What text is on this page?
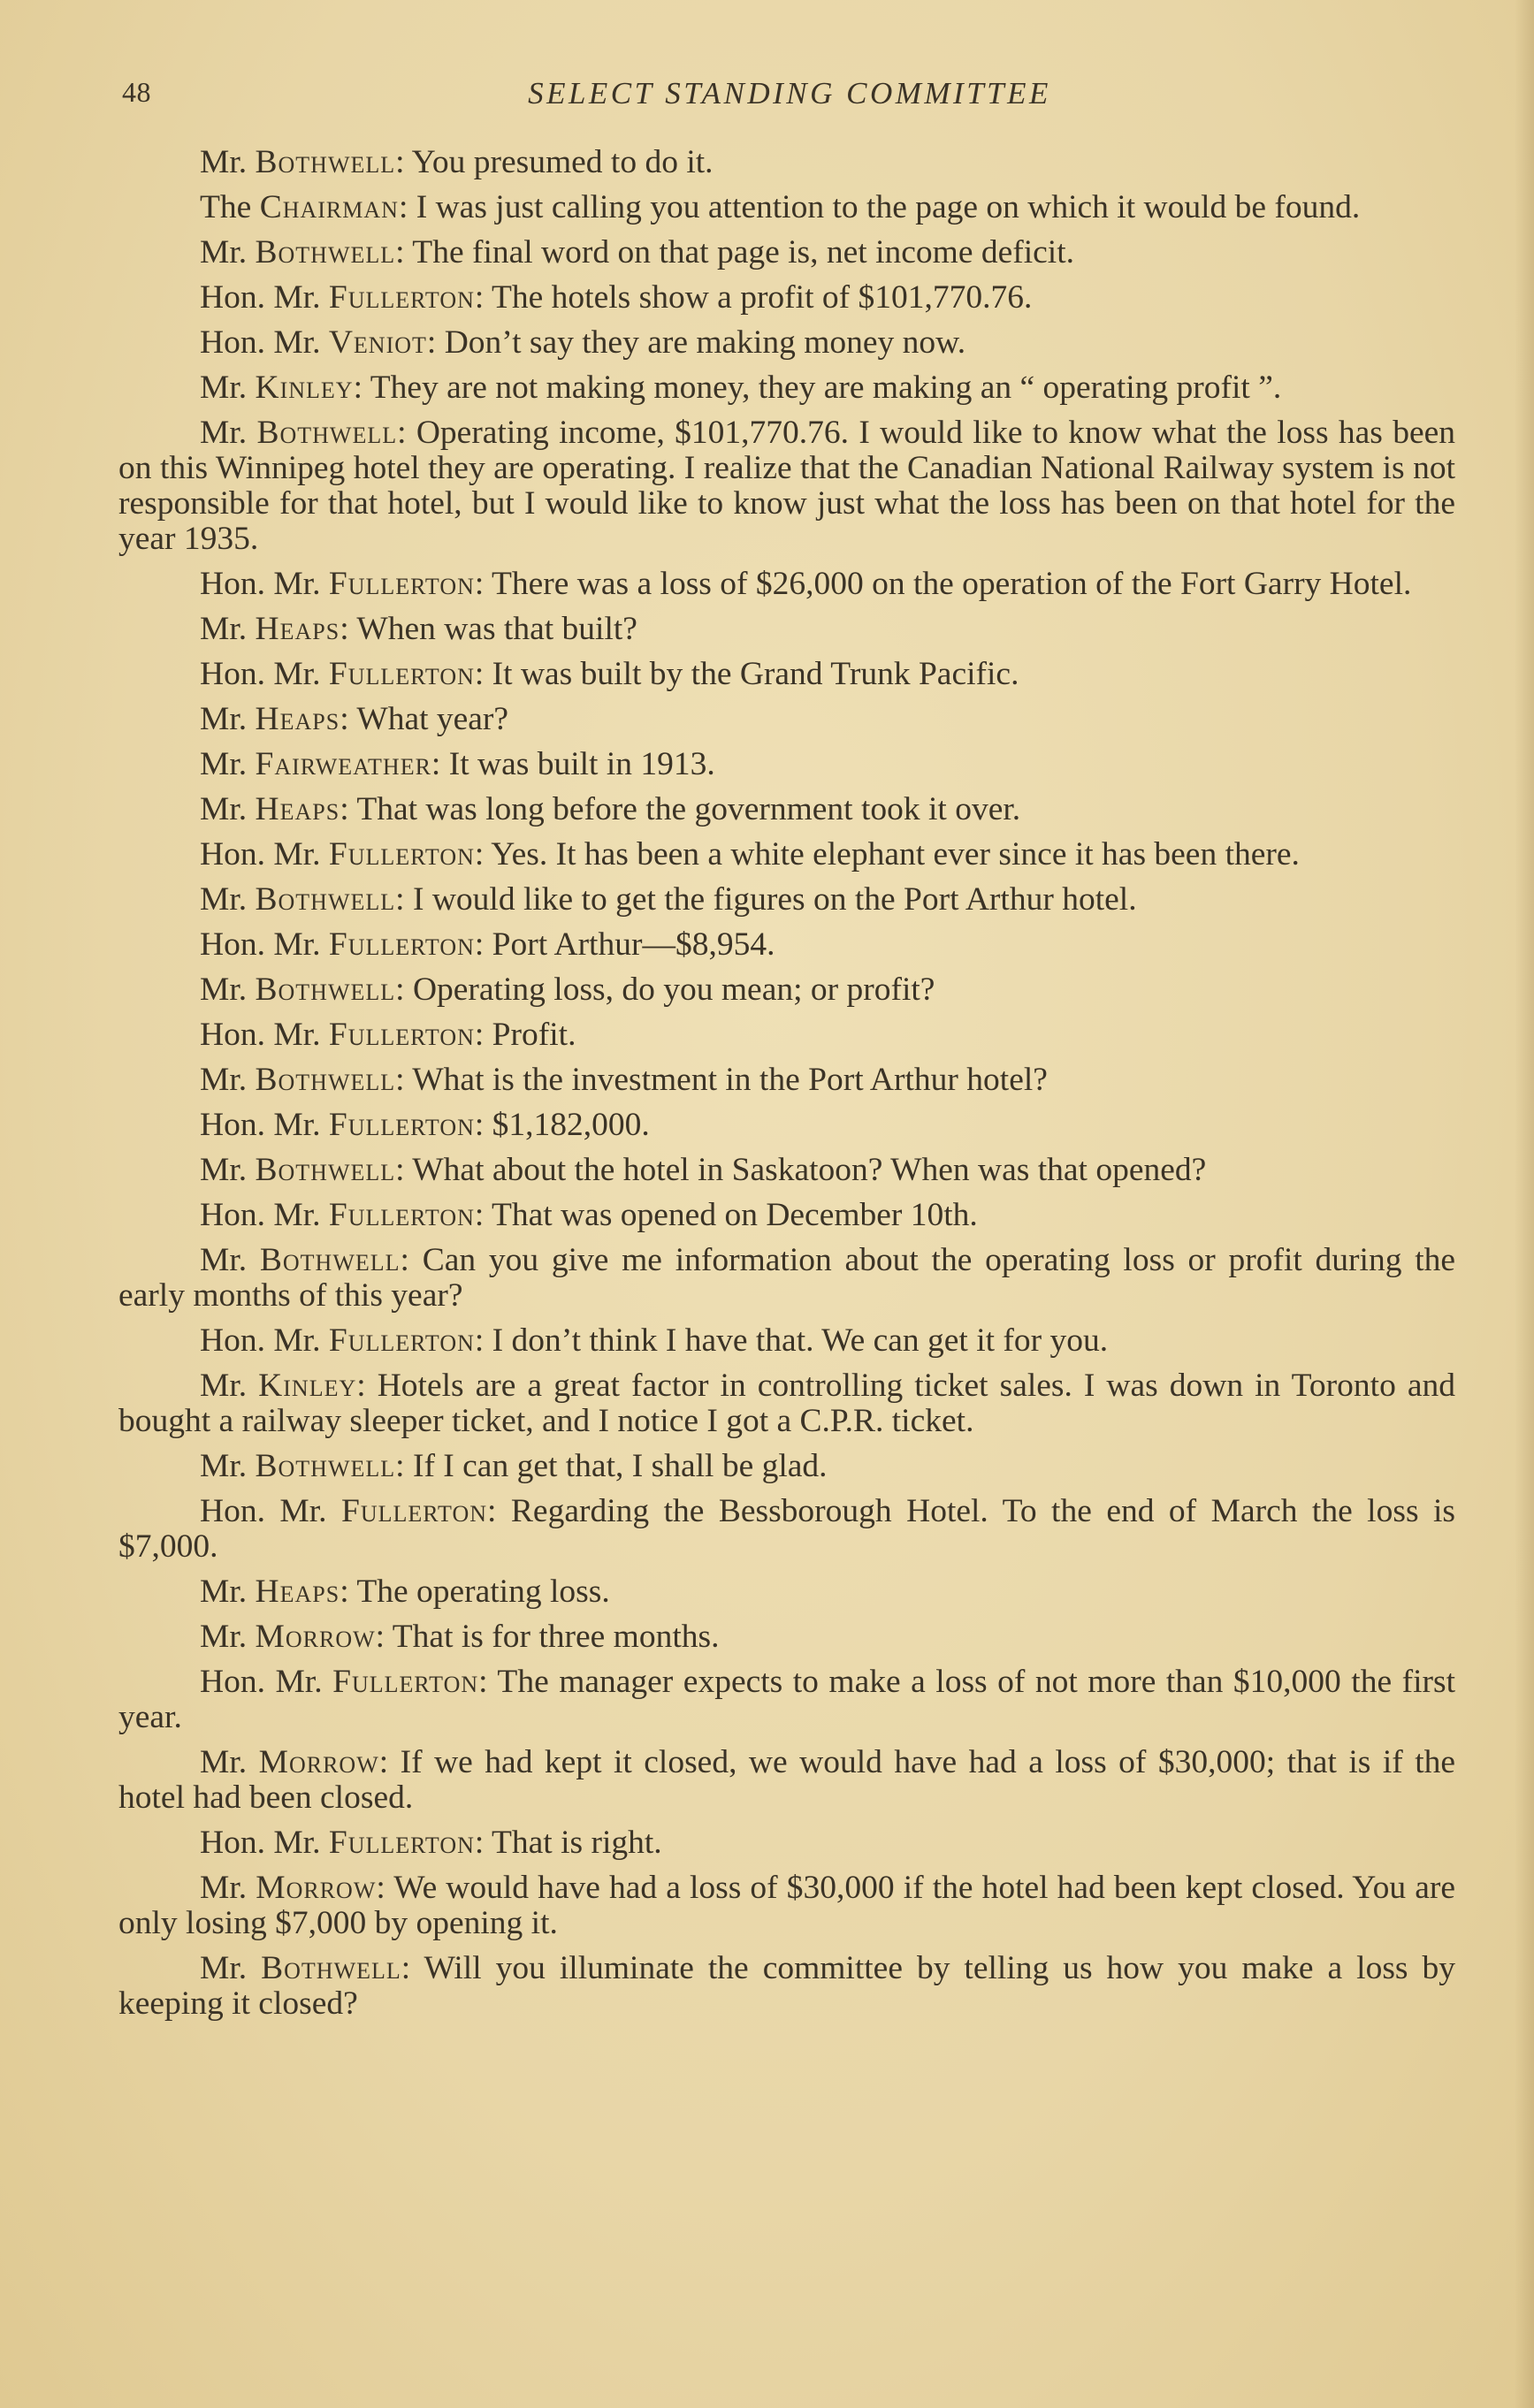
48	SELECT STANDING COMMITTEE

Mr. Bothwell: You presumed to do it.

The Chairman: I was just calling you attention to the page on which it would be found.

Mr. Bothwell: The final word on that page is, net income deficit.

Hon. Mr. Fullerton: The hotels show a profit of $101,770.76.

Hon. Mr. Veniot: Don’t say they are making money now.

Mr. Kinley: They are not making money, they are making an “ operating profit ”.

Mr. Bothwell: Operating income, $101,770.76. I would like to know what the loss has been on this Winnipeg hotel they are operating. I realize that the Canadian National Railway system is not responsible for that hotel, but I would like to know just what the loss has been on that hotel for the year 1935.

Hon. Mr. Fullerton: There was a loss of $26,000 on the operation of the Fort Garry Hotel.

Mr. Heaps: When was that built?

Hon. Mr. Fullerton: It was built by the Grand Trunk Pacific.

Mr. Heaps: What year?

Mr. Fairweather: It was built in 1913.

Mr. Heaps: That was long before the government took it over.

Hon. Mr. Fullerton: Yes. It has been a white elephant ever since it has been there.

Mr. Bothwell: I would like to get the figures on the Port Arthur hotel.

Hon. Mr. Fullerton: Port Arthur—$8,954.

Mr. Bothwell: Operating loss, do you mean; or profit?

Hon. Mr. Fullerton: Profit.

Mr. Bothwell: What is the investment in the Port Arthur hotel?

Hon. Mr. Fullerton: $1,182,000.

Mr. Bothwell: What about the hotel in Saskatoon? When was that opened?

Hon. Mr. Fullerton: That was opened on December 10th.

Mr. Bothwell: Can you give me information about the operating loss or profit during the early months of this year?

Hon. Mr. Fullerton: I don’t think I have that. We can get it for you.

Mr. Kinley: Hotels are a great factor in controlling ticket sales. I was down in Toronto and bought a railway sleeper ticket, and I notice I got a C.P.R. ticket.

Mr. Bothwell: If I can get that, I shall be glad.

Hon. Mr. Fullerton: Regarding the Bessborough Hotel. To the end of March the loss is $7,000.

Mr. Heaps: The operating loss.

Mr. Morrow: That is for three months.

Hon. Mr. Fullerton: The manager expects to make a loss of not more than $10,000 the first year.

Mr. Morrow: If we had kept it closed, we would have had a loss of $30,000; that is if the hotel had been closed.

Hon. Mr. Fullerton: That is right.

Mr. Morrow: We would have had a loss of $30,000 if the hotel had been kept closed. You are only losing $7,000 by opening it.

Mr. Bothwell: Will you illuminate the committee by telling us how you make a loss by keeping it closed?
